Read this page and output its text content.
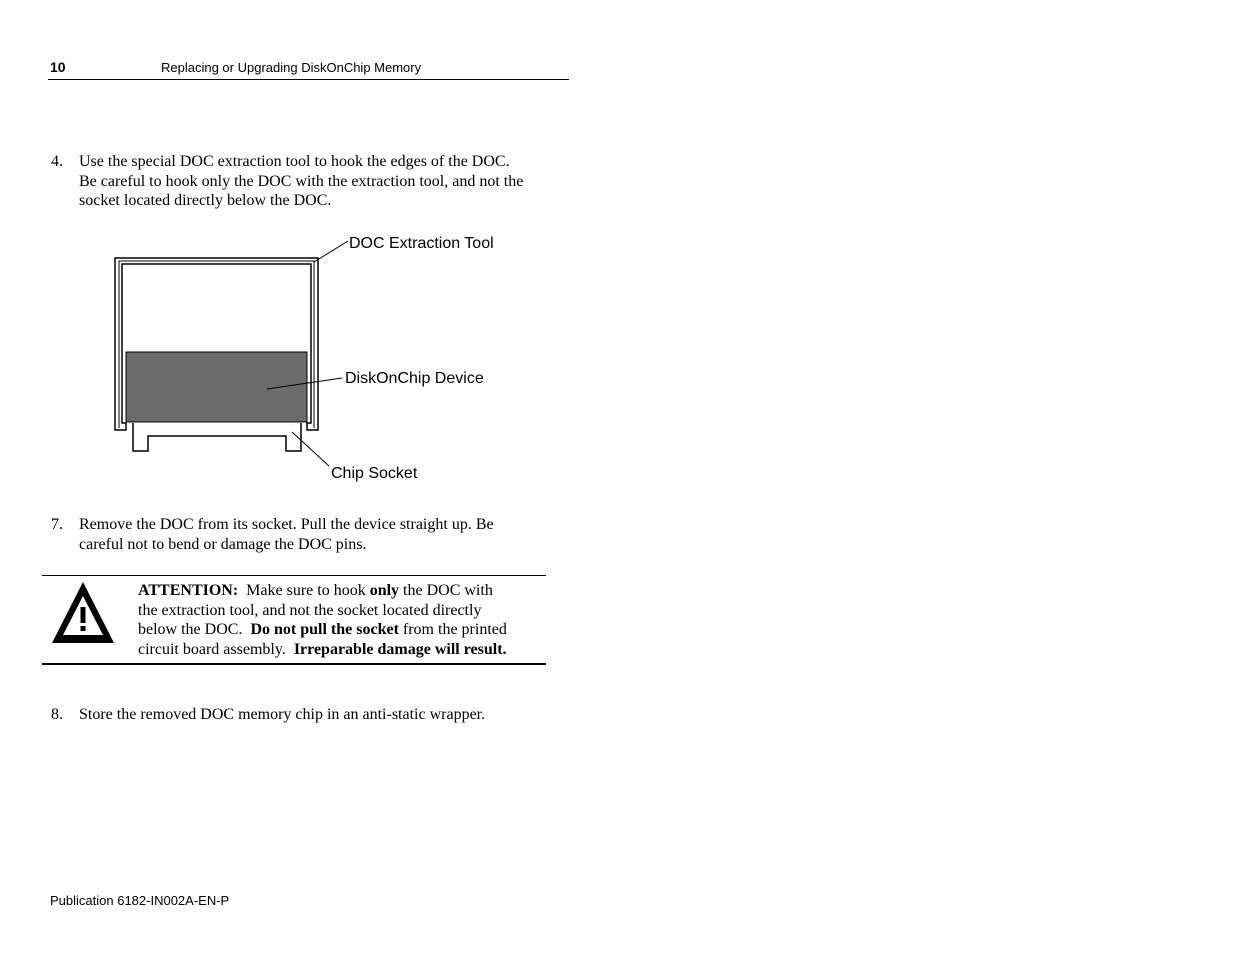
10	Replacing or Upgrading DiskOnChip Memory
4. Use the special DOC extraction tool to hook the edges of the DOC.
Be careful to hook only the DOC with the extraction tool, and not the
socket located directly below the DOC.
DOC Extraction Tool
DiskOnChip Device
Chip Socket
7. Remove the DOC from its socket. Pull the device straight up. Be
careful not to bend or damage the DOC pins.
ATTENTION:  Make sure to hook only the DOC with
the extraction tool, and not the socket located directly
below the DOC.  Do not pull the socket from the printed
circuit board assembly.  Irreparable damage will result.
8. Store the removed DOC memory chip in an anti-static wrapper.
Publication 6182-IN002A-EN-P
